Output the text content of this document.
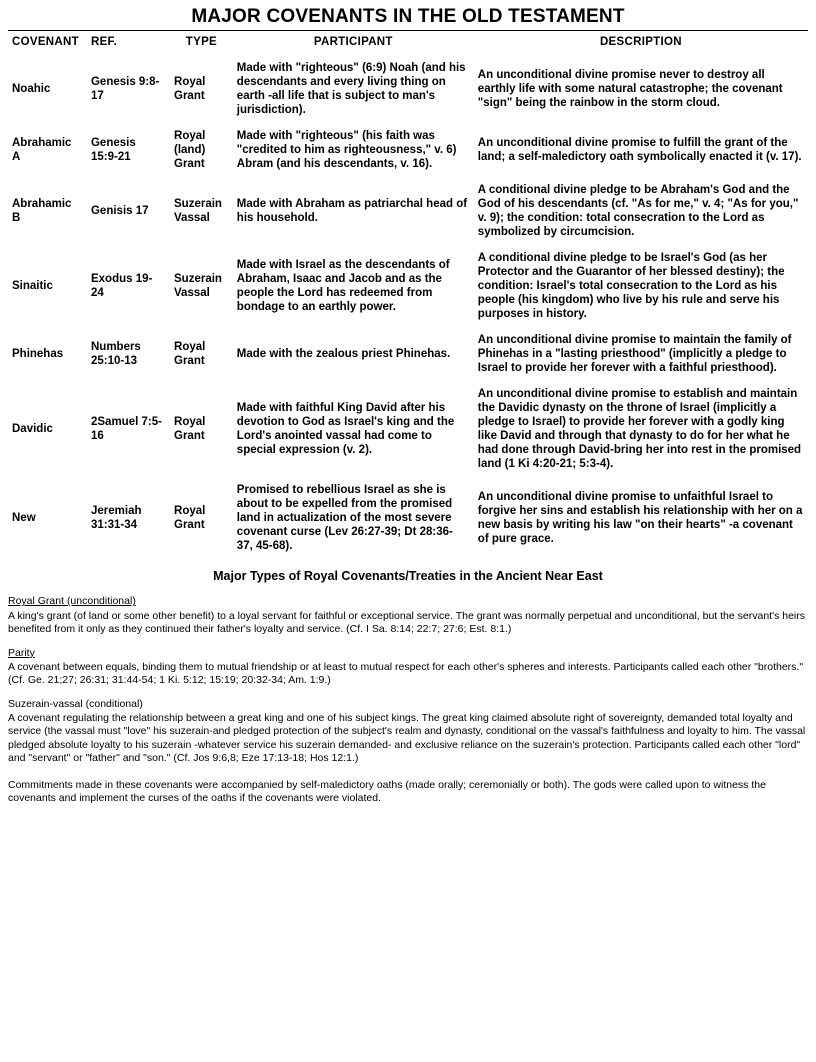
MAJOR COVENANTS IN THE OLD TESTAMENT
COVENANT	REF.	TYPE	PARTICIPANT	DESCRIPTION
Noahic	Genesis 9:8-17	Royal Grant	Made with "righteous" (6:9) Noah (and his descendants and every living thing on earth -all life that is subject to man's jurisdiction).	An unconditional divine promise never to destroy all earthly life with some natural catastrophe; the covenant "sign" being the rainbow in the storm cloud.
Abrahamic A	Genesis 15:9-21	Royal (land) Grant	Made with "righteous" (his faith was "credited to him as righteousness," v. 6) Abram (and his descendants, v. 16).	An unconditional divine promise to fulfill the grant of the land; a self-maledictory oath symbolically enacted it (v. 17).
Abrahamic B	Genisis 17	Suzerain Vassal	Made with Abraham as patriarchal head of his household.	A conditional divine pledge to be Abraham's God and the God of his descendants (cf. "As for me," v. 4; "As for you," v. 9); the condition: total consecration to the Lord as symbolized by circumcision.
Sinaitic	Exodus 19-24	Suzerain Vassal	Made with Israel as the descendants of Abraham, Isaac and Jacob and as the people the Lord has redeemed from bondage to an earthly power.	A conditional divine pledge to be Israel's God (as her Protector and the Guarantor of her blessed destiny); the condition: Israel's total consecration to the Lord as his people (his kingdom) who live by his rule and serve his purposes in history.
Phinehas	Numbers 25:10-13	Royal Grant	Made with the zealous priest Phinehas.	An unconditional divine promise to maintain the family of Phinehas in a "lasting priesthood" (implicitly a pledge to Israel to provide her forever with a faithful priesthood).
Davidic	2Samuel 7:5-16	Royal Grant	Made with faithful King David after his devotion to God as Israel's king and the Lord's anointed vassal had come to special expression (v. 2).	An unconditional divine promise to establish and maintain the Davidic dynasty on the throne of Israel (implicitly a pledge to Israel) to provide her forever with a godly king like David and through that dynasty to do for her what he had done through David-bring her into rest in the promised land (1 Ki 4:20-21; 5:3-4).
New	Jeremiah 31:31-34	Royal Grant	Promised to rebellious Israel as she is about to be expelled from the promised land in actualization of the most severe covenant curse (Lev 26:27-39; Dt 28:36-37, 45-68).	An unconditional divine promise to unfaithful Israel to forgive her sins and establish his relationship with her on a new basis by writing his law "on their hearts" -a covenant of pure grace.
Major Types of Royal Covenants/Treaties in the Ancient Near East
Royal Grant (unconditional)
A king's grant (of land or some other benefit) to a loyal servant for faithful or exceptional service. The grant was normally perpetual and unconditional, but the servant's heirs benefited from it only as they continued their father's loyalty and service. (Cf. I Sa. 8:14; 22:7; 27:6; Est. 8:1.)
Parity
A covenant between equals, binding them to mutual friendship or at least to mutual respect for each other's spheres and interests. Participants called each other "brothers." (Cf. Ge. 21;27; 26:31; 31:44-54; 1 Ki. 5:12; 15:19; 20:32-34; Am. 1:9.)
Suzerain-vassal (conditional)
A covenant regulating the relationship between a great king and one of his subject kings. The great king claimed absolute right of sovereignty, demanded total loyalty and service (the vassal must "love" his suzerain-and pledged protection of the subject's realm and dynasty, conditional on the vassal's faithfulness and loyalty to him. The vassal pledged absolute loyalty to his suzerain -whatever service his suzerain demanded- and exclusive reliance on the suzerain's protection. Participants called each other "lord" and "servant" or "father" and "son." (Cf. Jos 9:6,8; Eze 17:13-18; Hos 12:1.)
Commitments made in these covenants were accompanied by self-maledictory oaths (made orally; ceremonially or both). The gods were called upon to witness the covenants and implement the curses of the oaths if the covenants were violated.
